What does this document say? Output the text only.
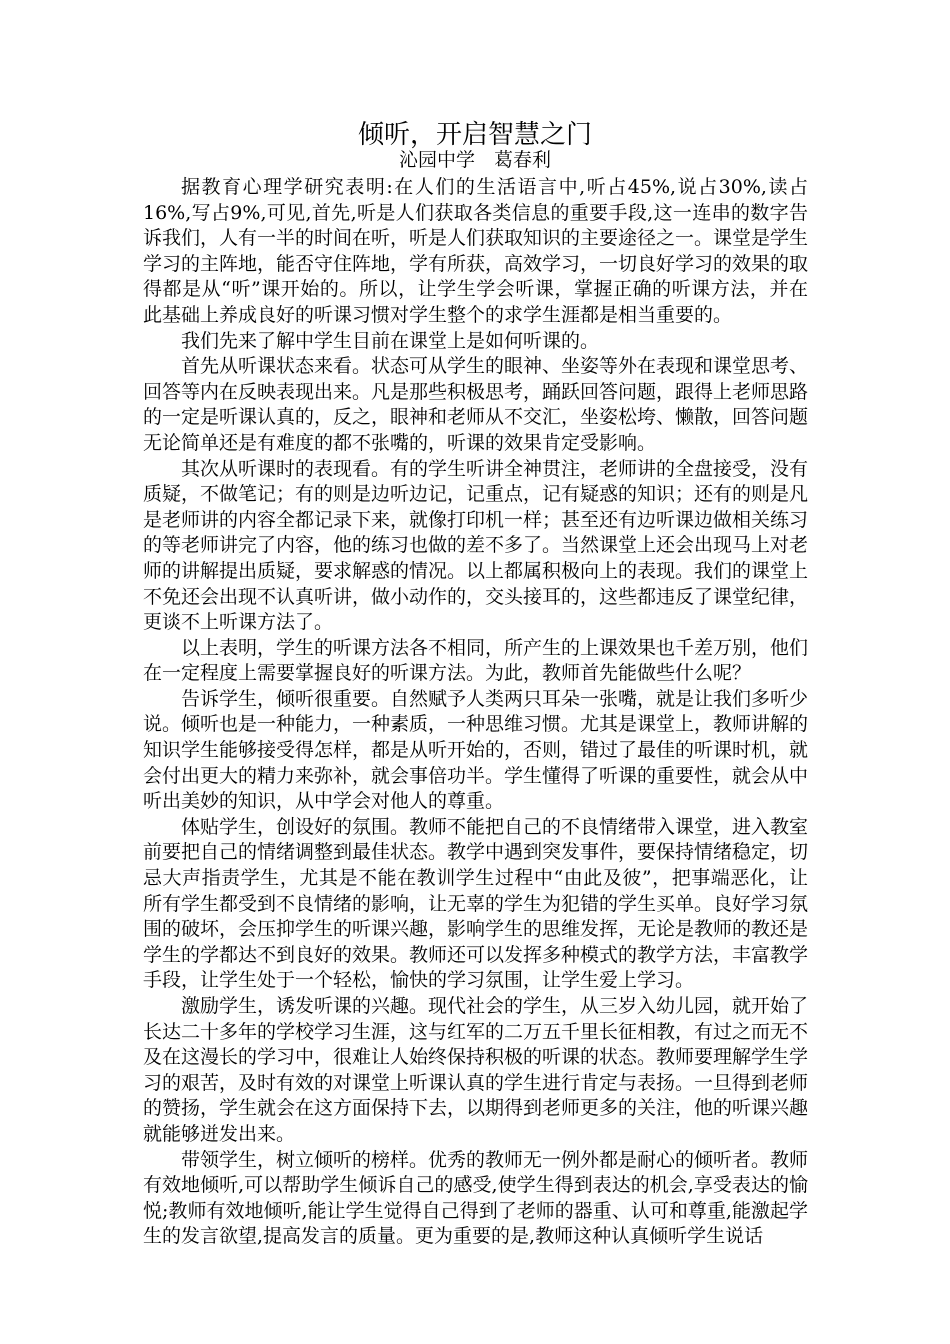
倾听，开启智慧之门
沁园中学　葛春利

据教育心理学研究表明:在人们的生活语言中,听占45%,说占30%,读占16%,写占9%,可见,首先,听是人们获取各类信息的重要手段,这一连串的数字告诉我们，人有一半的时间在听，听是人们获取知识的主要途径之一。课堂是学生学习的主阵地，能否守住阵地，学有所获，高效学习，一切良好学习的效果的取得都是从“听”课开始的。所以，让学生学会听课，掌握正确的听课方法，并在此基础上养成良好的听课习惯对学生整个的求学生涯都是相当重要的。

我们先来了解中学生目前在课堂上是如何听课的。

首先从听课状态来看。状态可从学生的眼神、坐姿等外在表现和课堂思考、回答等内在反映表现出来。凡是那些积极思考，踊跃回答问题，跟得上老师思路的一定是听课认真的，反之，眼神和老师从不交汇，坐姿松垮、懒散，回答问题无论简单还是有难度的都不张嘴的，听课的效果肯定受影响。

其次从听课时的表现看。有的学生听讲全神贯注，老师讲的全盘接受，没有质疑，不做笔记；有的则是边听边记，记重点，记有疑惑的知识；还有的则是凡是老师讲的内容全都记录下来，就像打印机一样；甚至还有边听课边做相关练习的等老师讲完了内容，他的练习也做的差不多了。当然课堂上还会出现马上对老师的讲解提出质疑，要求解惑的情况。以上都属积极向上的表现。我们的课堂上不免还会出现不认真听讲，做小动作的，交头接耳的，这些都违反了课堂纪律，更谈不上听课方法了。

以上表明，学生的听课方法各不相同，所产生的上课效果也千差万别，他们在一定程度上需要掌握良好的听课方法。为此，教师首先能做些什么呢？

告诉学生，倾听很重要。自然赋予人类两只耳朵一张嘴，就是让我们多听少说。倾听也是一种能力，一种素质，一种思维习惯。尤其是课堂上，教师讲解的知识学生能够接受得怎样，都是从听开始的，否则，错过了最佳的听课时机，就会付出更大的精力来弥补，就会事倍功半。学生懂得了听课的重要性，就会从中听出美妙的知识，从中学会对他人的尊重。

体贴学生，创设好的氛围。教师不能把自己的不良情绪带入课堂，进入教室前要把自己的情绪调整到最佳状态。教学中遇到突发事件，要保持情绪稳定，切忌大声指责学生，尤其是不能在教训学生过程中“由此及彼”，把事端恶化，让所有学生都受到不良情绪的影响，让无辜的学生为犯错的学生买单。良好学习氛围的破坏，会压抑学生的听课兴趣，影响学生的思维发挥，无论是教师的教还是学生的学都达不到良好的效果。教师还可以发挥多种模式的教学方法，丰富教学手段，让学生处于一个轻松，愉快的学习氛围，让学生爱上学习。

激励学生，诱发听课的兴趣。现代社会的学生，从三岁入幼儿园，就开始了长达二十多年的学校学习生涯，这与红军的二万五千里长征相教，有过之而无不及在这漫长的学习中，很难让人始终保持积极的听课的状态。教师要理解学生学习的艰苦，及时有效的对课堂上听课认真的学生进行肯定与表扬。一旦得到老师的赞扬，学生就会在这方面保持下去，以期得到老师更多的关注，他的听课兴趣就能够迸发出来。

带领学生，树立倾听的榜样。优秀的教师无一例外都是耐心的倾听者。教师有效地倾听,可以帮助学生倾诉自己的感受,使学生得到表达的机会,享受表达的愉悦;教师有效地倾听,能让学生觉得自己得到了老师的器重、认可和尊重,能激起学生的发言欲望,提高发言的质量。更为重要的是,教师这种认真倾听学生说话
